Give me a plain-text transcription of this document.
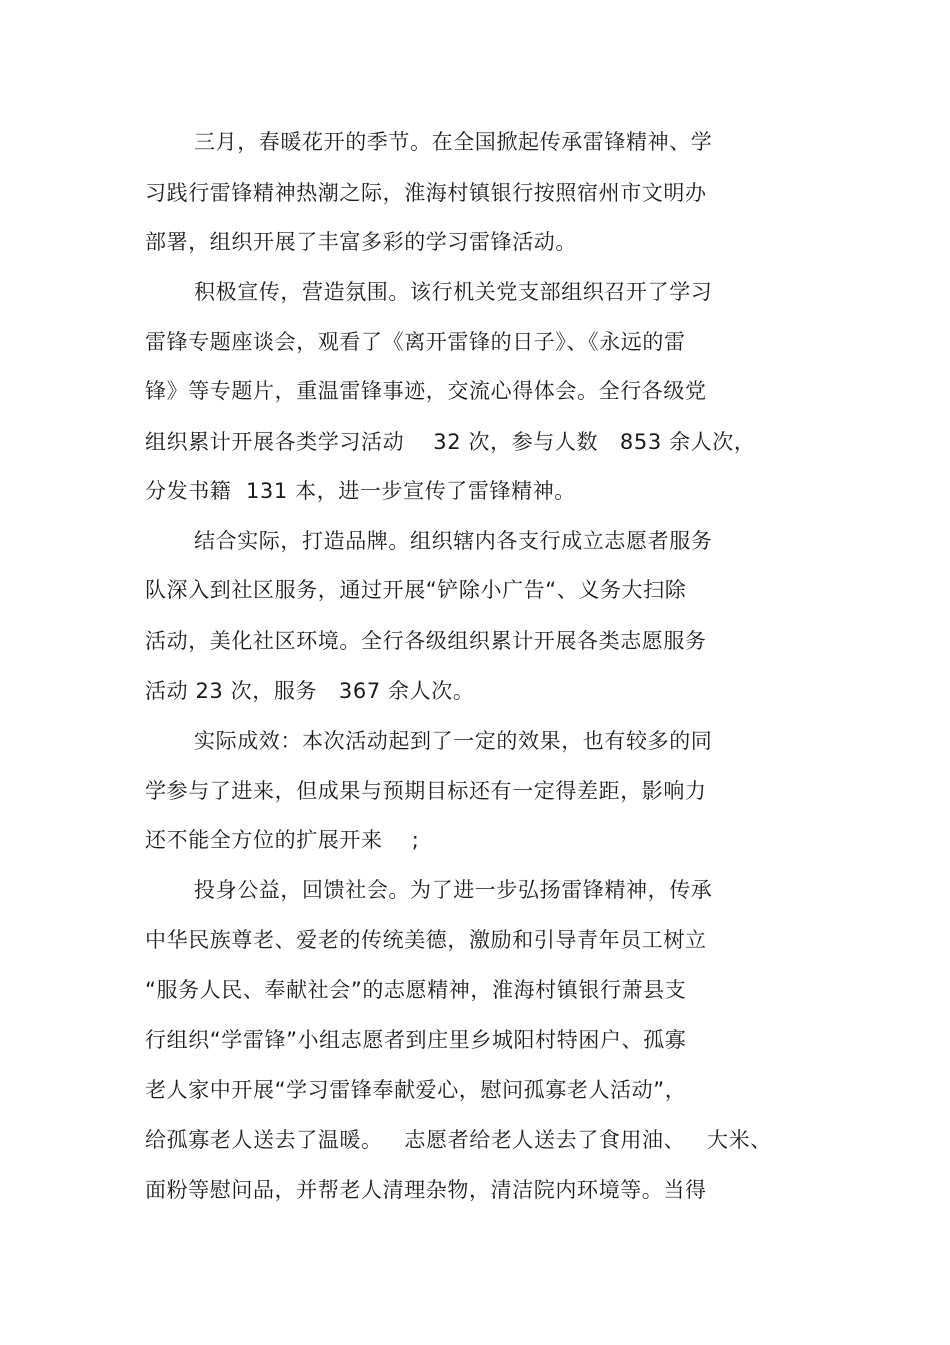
三月，春暖花开的季节。在全国掀起传承雷锋精神、学
习践行雷锋精神热潮之际，淮海村镇银行按照宿州市文明办
部署，组织开展了丰富多彩的学习雷锋活动。
积极宣传，营造氛围。该行机关党支部组织召开了学习
雷锋专题座谈会，观看了《离开雷锋的日子》、《永远的雷
锋》等专题片，重温雷锋事迹，交流心得体会。全行各级党
组织累计开展各类学习活动    32 次，参与人数   853 余人次，
分发书籍  131 本，进一步宣传了雷锋精神。
结合实际，打造品牌。组织辖内各支行成立志愿者服务
队深入到社区服务，通过开展“铲除小广告“、义务大扫除
活动，美化社区环境。全行各级组织累计开展各类志愿服务
活动 23 次，服务   367 余人次。
实际成效：本次活动起到了一定的效果，也有较多的同
学参与了进来，但成果与预期目标还有一定得差距，影响力
还不能全方位的扩展开来    ;
投身公益，回馈社会。为了进一步弘扬雷锋精神，传承
中华民族尊老、爱老的传统美德，激励和引导青年员工树立
“服务人民、奉献社会”的志愿精神，淮海村镇银行萧县支
行组织“学雷锋”小组志愿者到庄里乡城阳村特困户、孤寡
老人家中开展“学习雷锋奉献爱心，慰问孤寡老人活动”，
给孤寡老人送去了温暖。   志愿者给老人送去了食用油、   大米、
面粉等慰问品，并帮老人清理杂物，清洁院内环境等。当得
